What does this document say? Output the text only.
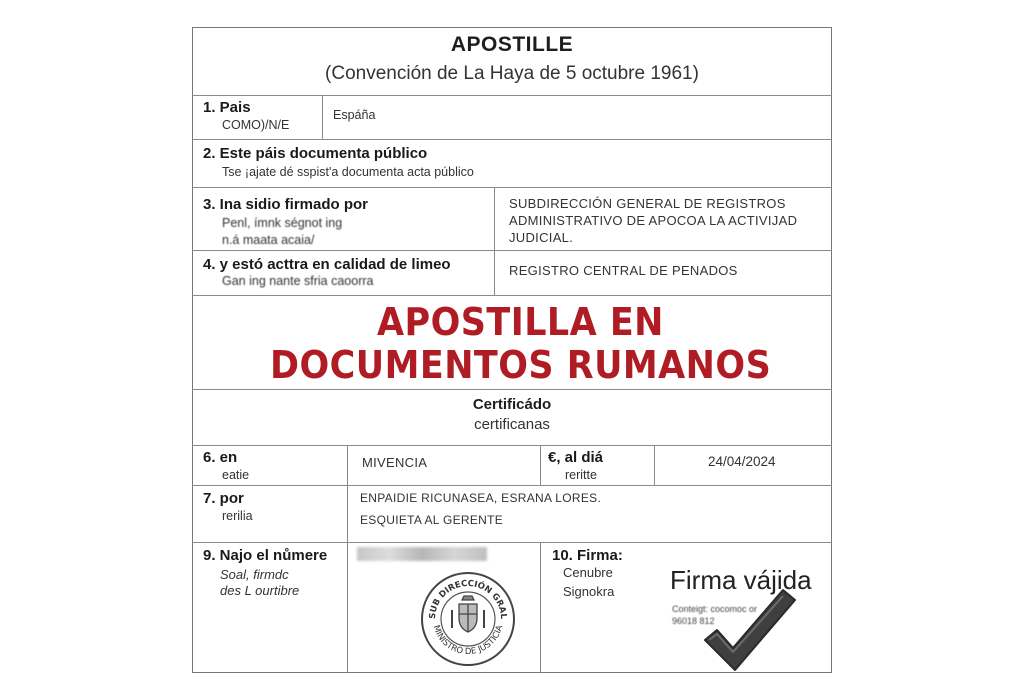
APOSTILLE
(Convención de La Haya de 5 octubre 1961)
1. Pais
COMO)/N/E
Espáña
2. Este páis documenta público
Tse ¡ajate dé sspist'a documenta acta público
3. Ina sidio firmado por
Penl, ímnk ségnot ing
n.á maata acaia/
SUBDIRECCIÓN GENERAL DE REGISTROS
ADMINISTRATIVO DE APOCOA LA ACTIVIJAD
JUDICIAL.
4. y estó acttra en calidad de limeo
Gan ing nante sfria caoorra
REGISTRO CENTRAL DE PENADOS
APOSTILLA EN
DOCUMENTOS RUMANOS
Certificádo
certificanas
6. en
eatie
MIVENCIA	€, al diá
reritte
24/04/2024
7. por
rerilia
ENPAIDIE RICUNASEA, ESRANA LORES.
ESQUIETA AL GERENTE
9. Najo el nůmere
Soal, firmdc
des L ourtibre
SUB DIRECCIÓN GRAL
MINISTRO DE JUSTICIA
10. Firma:
Cenubre
Signokra Firma vájida
Conteigt: cocomoc or
96018 812
